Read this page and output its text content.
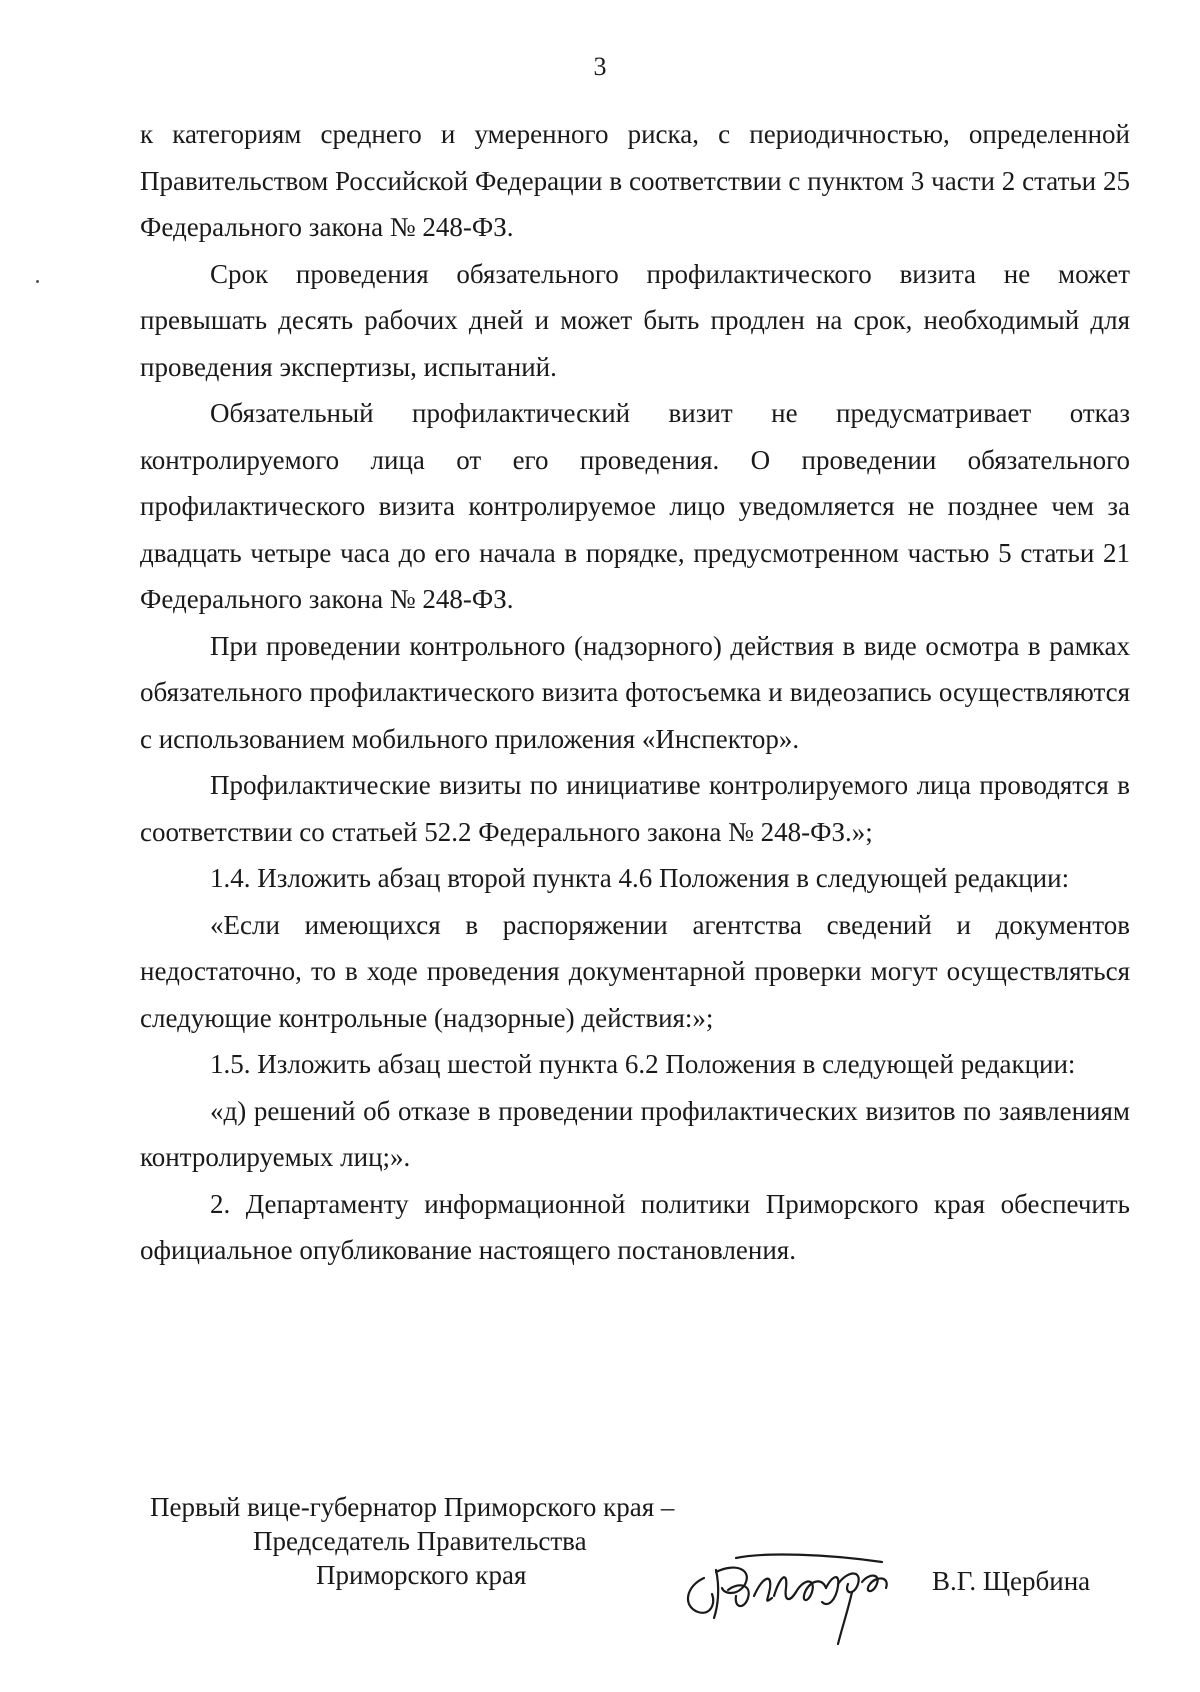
3

к категориям среднего и умеренного риска, с периодичностью, определенной Правительством Российской Федерации в соответствии с пунктом 3 части 2 статьи 25 Федерального закона № 248-ФЗ.

Срок проведения обязательного профилактического визита не может превышать десять рабочих дней и может быть продлен на срок, необходимый для проведения экспертизы, испытаний.

Обязательный профилактический визит не предусматривает отказ контролируемого лица от его проведения. О проведении обязательного профилактического визита контролируемое лицо уведомляется не позднее чем за двадцать четыре часа до его начала в порядке, предусмотренном частью 5 статьи 21 Федерального закона № 248-ФЗ.

При проведении контрольного (надзорного) действия в виде осмотра в рамках обязательного профилактического визита фотосъемка и видеозапись осуществляются с использованием мобильного приложения «Инспектор».

Профилактические визиты по инициативе контролируемого лица проводятся в соответствии со статьей 52.2 Федерального закона № 248-ФЗ.»;

1.4. Изложить абзац второй пункта 4.6 Положения в следующей редакции:

«Если имеющихся в распоряжении агентства сведений и документов недостаточно, то в ходе проведения документарной проверки могут осуществляться следующие контрольные (надзорные) действия:»;

1.5. Изложить абзац шестой пункта 6.2 Положения в следующей редакции:

«д) решений об отказе в проведении профилактических визитов по заявлениям контролируемых лиц;».

2. Департаменту информационной политики Приморского края обеспечить официальное опубликование настоящего постановления.

Первый вице-губернатор Приморского края –
Председатель Правительства
Приморского края	В.Г. Щербина
